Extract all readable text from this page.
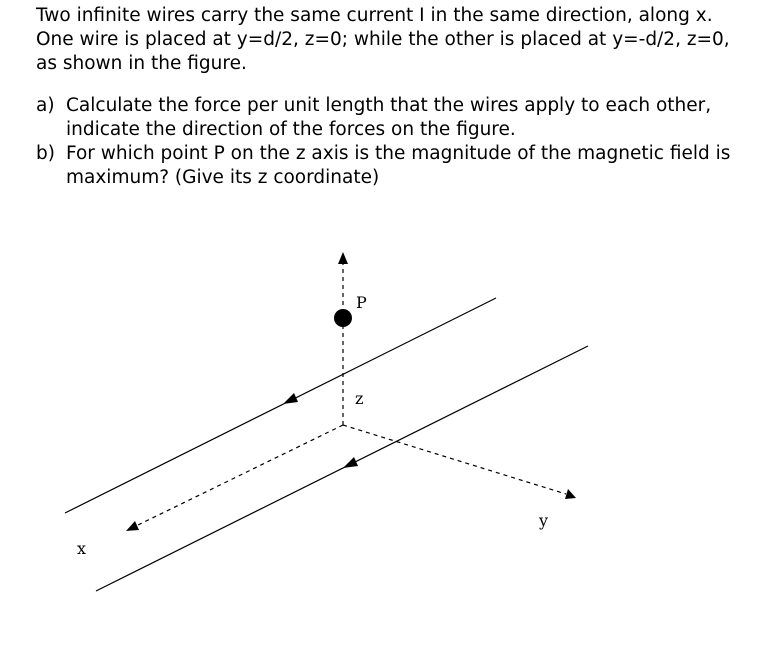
Two infinite wires carry the same current I in the same direction, along x.
One wire is placed at y=d/2, z=0; while the other is placed at y=-d/2, z=0,
as shown in the figure.

a) Calculate the force per unit length that the wires apply to each other,
indicate the direction of the forces on the figure.
b) For which point P on the z axis is the magnitude of the magnetic field is
maximum? (Give its z coordinate)
P
z
y
x
